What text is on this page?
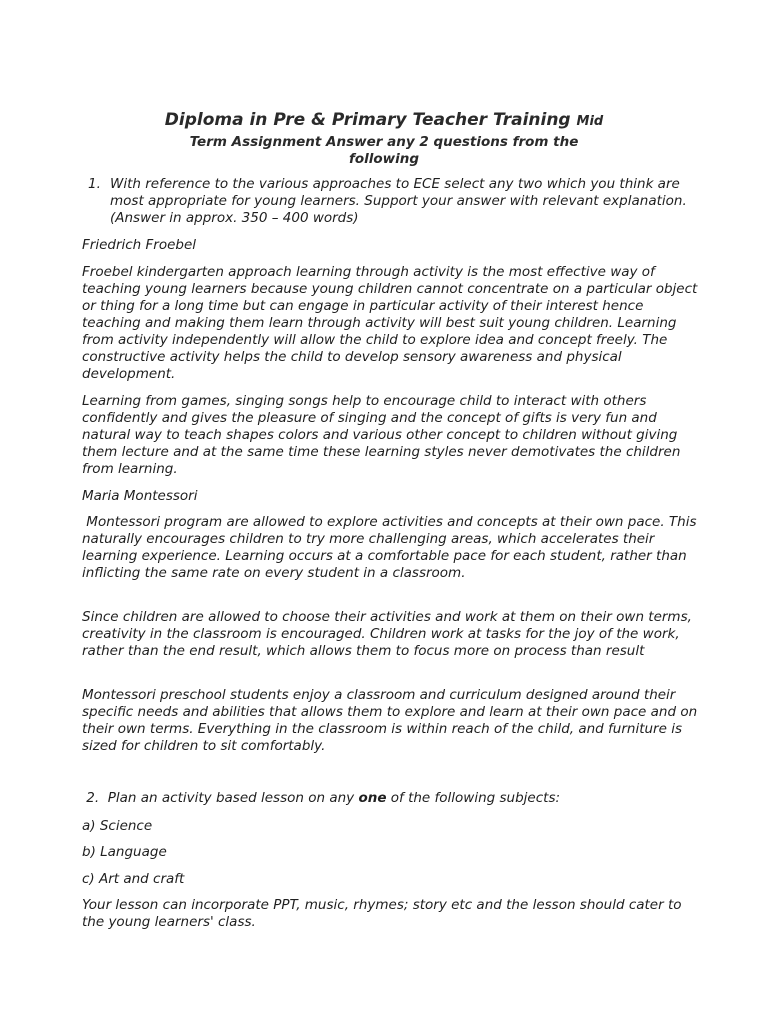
Diploma in Pre & Primary Teacher Training Mid
Term Assignment Answer any 2 questions from the
following
1. With reference to the various approaches to ECE select any two which you think are most appropriate for young learners. Support your answer with relevant explanation. (Answer in approx. 350 – 400 words)

Friedrich Froebel

Froebel kindergarten approach learning through activity is the most effective way of teaching young learners because young children cannot concentrate on a particular object or thing for a long time but can engage in particular activity of their interest hence teaching and making them learn through activity will best suit young children. Learning from activity independently will allow the child to explore idea and concept freely. The constructive activity helps the child to develop sensory awareness and physical development.

Learning from games, singing songs help to encourage child to interact with others confidently and gives the pleasure of singing and the concept of gifts is very fun and natural way to teach shapes colors and various other concept to children without giving them lecture and at the same time these learning styles never demotivates the children from learning.

Maria Montessori

Montessori program are allowed to explore activities and concepts at their own pace. This naturally encourages children to try more challenging areas, which accelerates their learning experience. Learning occurs at a comfortable pace for each student, rather than inflicting the same rate on every student in a classroom.

Since children are allowed to choose their activities and work at them on their own terms, creativity in the classroom is encouraged. Children work at tasks for the joy of the work, rather than the end result, which allows them to focus more on process than result

Montessori preschool students enjoy a classroom and curriculum designed around their specific needs and abilities that allows them to explore and learn at their own pace and on their own terms. Everything in the classroom is within reach of the child, and furniture is sized for children to sit comfortably.

2.  Plan an activity based lesson on any one of the following subjects:

a) Science

b) Language

c) Art and craft

Your lesson can incorporate PPT, music, rhymes; story etc and the lesson should cater to the young learners' class.
